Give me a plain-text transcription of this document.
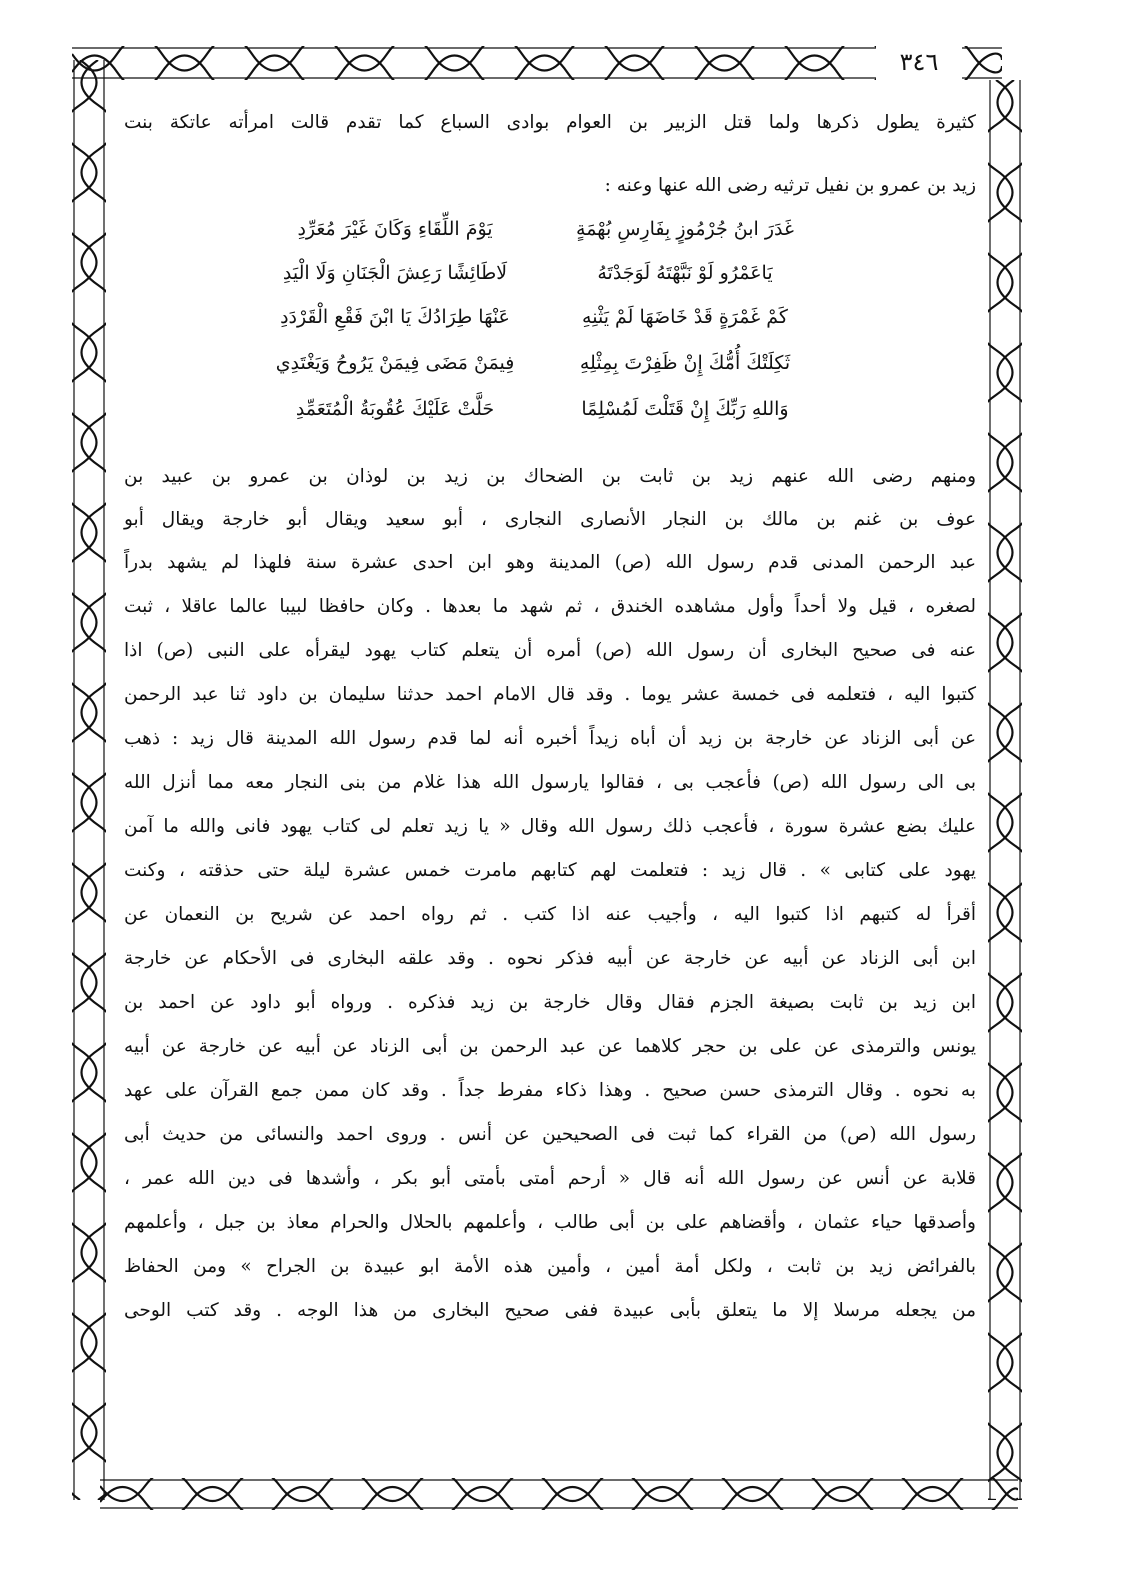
٣٤٦
كثيرة يطول ذكرها ولما قتل الزبير بن العوام بوادى السباع كما تقدم قالت امرأته عاتكة بنت
زيد بن عمرو بن نفيل ترثيه رضى الله عنها وعنه :
غَدَرَ ابنُ جُرْمُوزٍ بِفَارِسِ بُهْمَةٍ
يَوْمَ اللِّقَاءِ وَكَانَ غَيْرَ مُعَرِّدِ
يَاعَمْرُو لَوْ نَبَّهْتَهُ لَوَجَدْتَهُ
لَاطَائِشًا رَعِشَ الْجَنَانِ وَلَا الْيَدِ
كَمْ غَمْرَةٍ قَدْ خَاضَهَا لَمْ يَثْنِهِ
عَنْهَا طِرَادُكَ يَا ابْنَ فَقْعِ الْقَرْدَدِ
ثَكِلَتْكَ أُمُّكَ إِنْ ظَفِرْتَ بِمِثْلِهِ
فِيمَنْ مَضَى فِيمَنْ يَرُوحُ وَيَغْتَدِي
وَاللهِ رَبِّكَ إِنْ قَتَلْتَ لَمُسْلِمًا
حَلَّتْ عَلَيْكَ عُقُوبَةُ الْمُتَعَمِّدِ
ومنهم رضى الله عنهم زيد بن ثابت بن الضحاك بن زيد بن لوذان بن عمرو بن عبيد بن
عوف بن غنم بن مالك بن النجار الأنصارى النجارى ، أبو سعيد ويقال أبو خارجة ويقال أبو
عبد الرحمن المدنى قدم رسول الله (ص) المدينة وهو ابن احدى عشرة سنة فلهذا لم يشهد بدراً
لصغره ، قيل ولا أحداً وأول مشاهده الخندق ، ثم شهد ما بعدها . وكان حافظا لبيبا عالما عاقلا ، ثبت
عنه فى صحيح البخارى أن رسول الله (ص) أمره أن يتعلم كتاب يهود ليقرأه على النبى (ص) اذا
كتبوا اليه ، فتعلمه فى خمسة عشر يوما . وقد قال الامام احمد حدثنا سليمان بن داود ثنا عبد الرحمن
عن أبى الزناد عن خارجة بن زيد أن أباه زيداً أخبره أنه لما قدم رسول الله المدينة قال زيد : ذهب
بى الى رسول الله (ص) فأعجب بى ، فقالوا يارسول الله هذا غلام من بنى النجار معه مما أنزل الله
عليك بضع عشرة سورة ، فأعجب ذلك رسول الله وقال « يا زيد تعلم لى كتاب يهود فانى والله ما آمن
يهود على كتابى » . قال زيد : فتعلمت لهم كتابهم مامرت خمس عشرة ليلة حتى حذقته ، وكنت
أقرأ له كتبهم اذا كتبوا اليه ، وأجيب عنه اذا كتب . ثم رواه احمد عن شريح بن النعمان عن
ابن أبى الزناد عن أبيه عن خارجة عن أبيه فذكر نحوه . وقد علقه البخارى فى الأحكام عن خارجة
ابن زيد بن ثابت بصيغة الجزم فقال وقال خارجة بن زيد فذكره . ورواه أبو داود عن احمد بن
يونس والترمذى عن على بن حجر كلاهما عن عبد الرحمن بن أبى الزناد عن أبيه عن خارجة عن أبيه
به نحوه . وقال الترمذى حسن صحيح . وهذا ذكاء مفرط جداً . وقد كان ممن جمع القرآن على عهد
رسول الله (ص) من القراء كما ثبت فى الصحيحين عن أنس . وروى احمد والنسائى من حديث أبى
قلابة عن أنس عن رسول الله أنه قال « أرحم أمتى بأمتى أبو بكر ، وأشدها فى دين الله عمر ،
وأصدقها حياء عثمان ، وأقضاهم على بن أبى طالب ، وأعلمهم بالحلال والحرام معاذ بن جبل ، وأعلمهم
بالفرائض زيد بن ثابت ، ولكل أمة أمين ، وأمين هذه الأمة ابو عبيدة بن الجراح » ومن الحفاظ
من يجعله مرسلا إلا ما يتعلق بأبى عبيدة ففى صحيح البخارى من هذا الوجه . وقد كتب الوحى
